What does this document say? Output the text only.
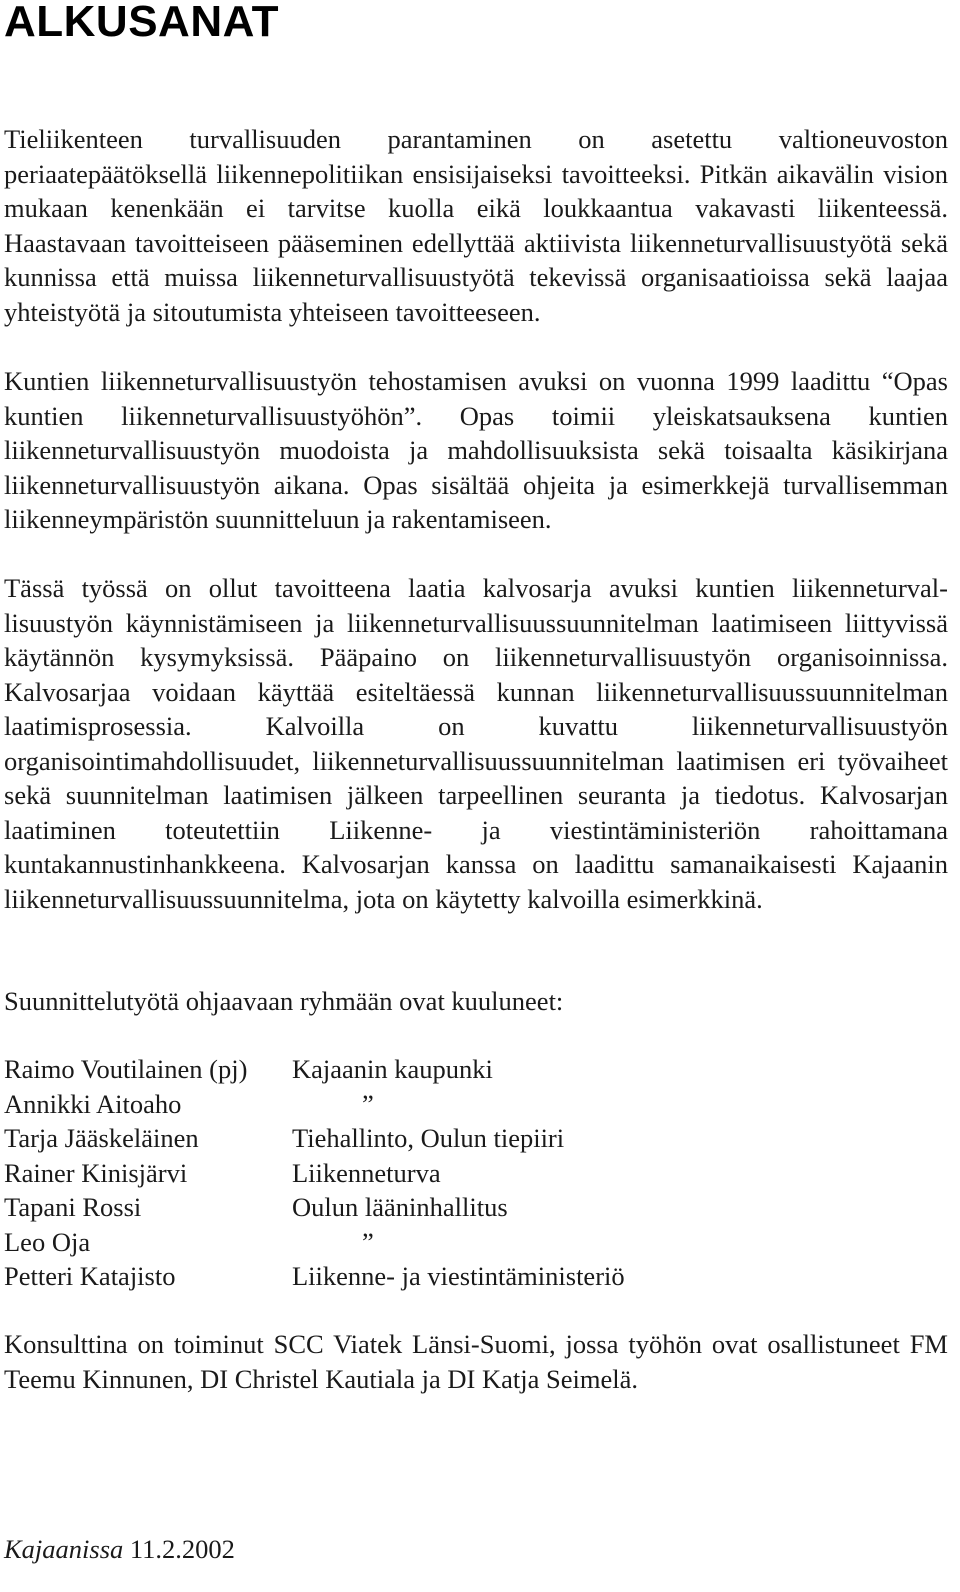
ALKUSANAT

Tieliikenteen turvallisuuden parantaminen on asetettu valtioneuvoston periaatepäätöksellä liikennepolitiikan ensisijaiseksi tavoitteeksi. Pitkän aikavälin vision mukaan kenenkään ei tarvitse kuolla eikä loukkaantua vakavasti liikenteessä. Haastavaan tavoitteiseen pääseminen edellyttää aktiivista liikenneturvallisuustyötä sekä kunnissa että muissa liikenneturvallisuustyötä tekevissä organisaatioissa sekä laajaa yhteistyötä ja sitoutumista yhteiseen tavoitteeseen.

Kuntien liikenneturvallisuustyön tehostamisen avuksi on vuonna 1999 laadittu “Opas kuntien liikenneturvallisuustyöhön”. Opas toimii yleiskatsauksena kuntien liikenneturvallisuustyön muodoista ja mahdollisuuksista sekä toisaalta käsikirjana liikenneturvallisuustyön aikana. Opas sisältää ohjeita ja esimerkkejä turvallisemman liikenneympäristön suunnitteluun ja rakentamiseen.

Tässä työssä on ollut tavoitteena laatia kalvosarja avuksi kuntien liikenneturvallisuustyön käynnistämiseen ja liikenneturvallisuussuunnitelman laatimiseen liittyvissä käytännön kysymyksissä. Pääpaino on liikenneturvallisuustyön organisoinnissa. Kalvosarjaa voidaan käyttää esiteltäessä kunnan liikenneturvallisuussuunnitelman laatimisprosessia. Kalvoilla on kuvattu liikenneturvallisuustyön organisointimahdollisuudet, liikenneturvallisuussuunnitelman laatimisen eri työvaiheet sekä suunnitelman laatimisen jälkeen tarpeellinen seuranta ja tiedotus. Kalvosarjan laatiminen toteutettiin Liikenne- ja viestintäministeriön rahoittamana kuntakannustinhankkeena. Kalvosarjan kanssa on laadittu samanaikaisesti Kajaanin liikenneturvallisuussuunnitelma, jota on käytetty kalvoilla esimerkkinä.

Suunnittelutyötä ohjaavaan ryhmään ovat kuuluneet:

Raimo Voutilainen (pj)	Kajaanin kaupunki
Annikki Aitoaho	”
Tarja Jääskeläinen	Tiehallinto, Oulun tiepiiri
Rainer Kinisjärvi	Liikenneturva
Tapani Rossi	Oulun lääninhallitus
Leo Oja	”
Petteri Katajisto	Liikenne- ja viestintäministeriö

Konsulttina on toiminut SCC Viatek Länsi-Suomi, jossa työhön ovat osallistuneet FM Teemu Kinnunen, DI Christel Kautiala ja DI Katja Seimelä.

Kajaanissa 11.2.2002
